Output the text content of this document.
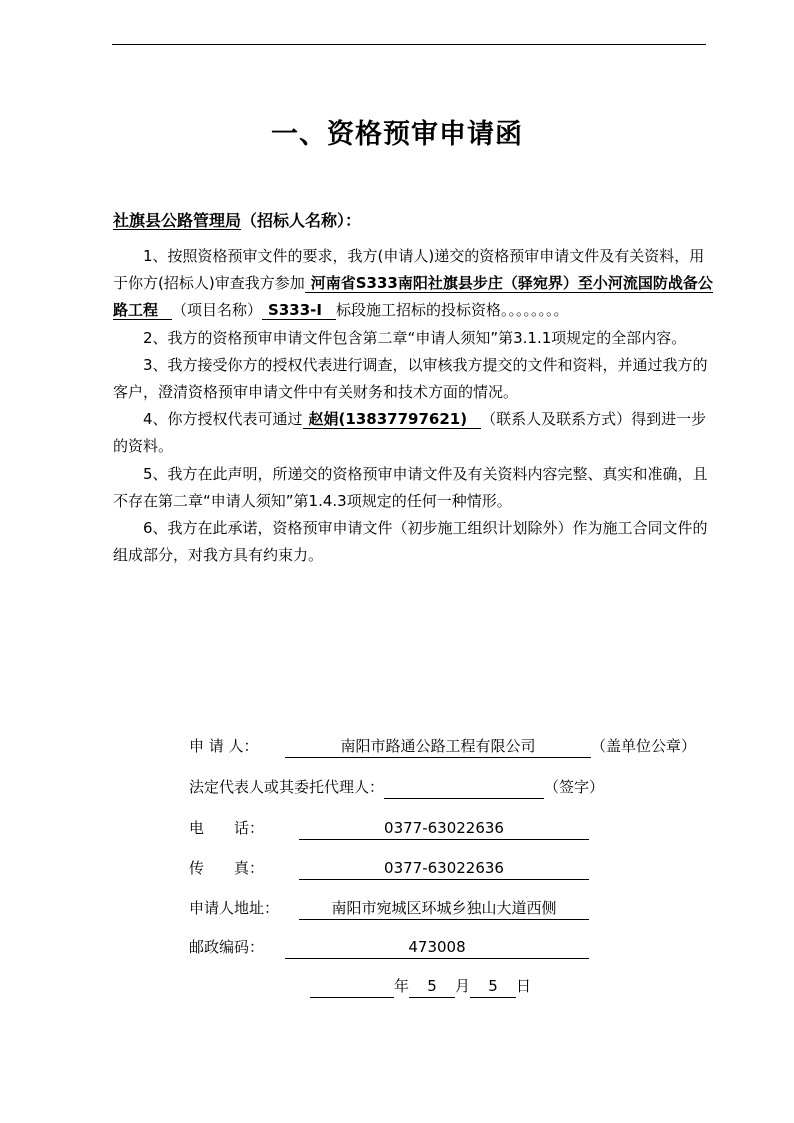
一、资格预审申请函
社旗县公路管理局（招标人名称）：

1、按照资格预审文件的要求，我方(申请人)递交的资格预审申请文件及有关资料，用于你方(招标人)审查我方参加 河南省S333南阳社旗县步庄（驿宛界）至小河流国防战备公路工程 （项目名称） S333-I 标段施工招标的投标资格。。。。。。。。

2、我方的资格预审申请文件包含第二章“申请人须知”第3.1.1项规定的全部内容。

3、我方接受你方的授权代表进行调查，以审核我方提交的文件和资料，并通过我方的客户，澄清资格预审申请文件中有关财务和技术方面的情况。

4、你方授权代表可通过 赵娟(13837797621) （联系人及联系方式）得到进一步的资料。

5、我方在此声明，所递交的资格预审申请文件及有关资料内容完整、真实和准确，且不存在第二章“申请人须知”第1.4.3项规定的任何一种情形。

6、我方在此承诺，资格预审申请文件（初步施工组织计划除外）作为施工合同文件的组成部分，对我方具有约束力。

申 请 人：	南阳市路通公路工程有限公司	（盖单位公章）
法定代表人或其委托代理人：	（签字）
电　　话：	0377-63022636
传　　真：	0377-63022636
申请人地址：	南阳市宛城区环城乡独山大道西侧
邮政编码：	473008
年 5 月 5 日
